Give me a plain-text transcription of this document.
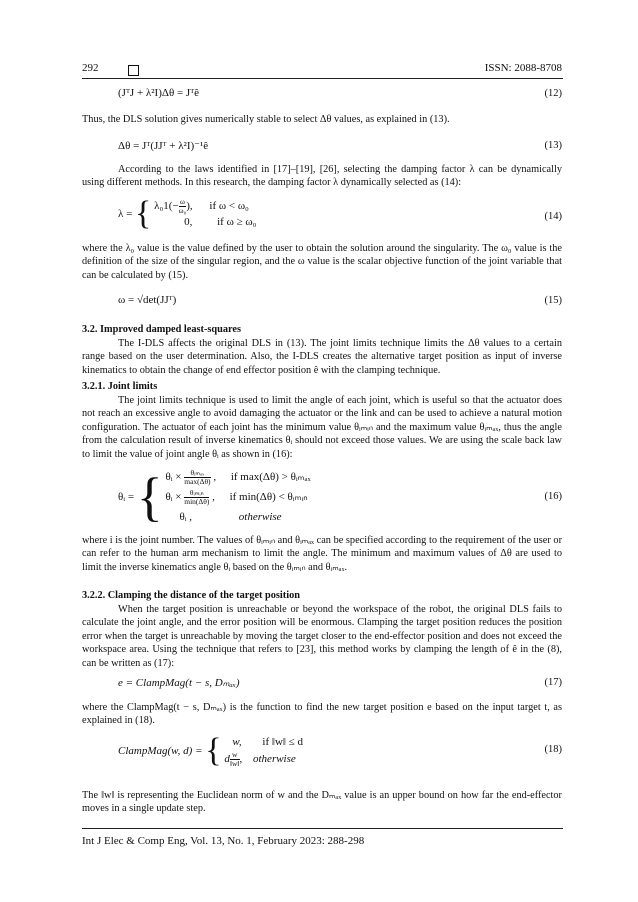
292	ISSN: 2088-8708
(JᵀJ + λ²I)Δθ = Jᵀê	(12)

Thus, the DLS solution gives numerically stable to select Δθ values, as explained in (13).

Δθ = Jᵀ(JJᵀ + λ²I)⁻¹ê	(13)

According to the laws identified in [17]–[19], [26], selecting the damping factor λ can be dynamically using different methods. In this research, the damping factor λ dynamically selected as (14):

λ = { $\lambda_01(- \frac{\omega}{\text{ω₀}}$ ), if ω < ω₀
0, if ω ≥ ω₀	(14)

where the λ₀ value is the value defined by the user to obtain the solution around the singularity. The ω₀ value is the definition of the size of the singular region, and the ω value is the scalar objective function of the joint variable that can be calculated by (15).

ω = √det(JJᵀ)	(15)
3.2. Improved damped least-squares

The I-DLS affects the original DLS in (13). The joint limits technique limits the Δθ values to a certain range based on the user determination. Also, the I-DLS creates the alternative target position as input of inverse kinematics to obtain the change of end effector position ê with the clamping technique.

3.2.1. Joint limits

The joint limits technique is used to limit the angle of each joint, which is useful so that the actuator does not reach an excessive angle to avoid damaging the actuator or the link and can be used to achieve a natural motion configuration. The actuator of each joint has the minimum value θᵢₘᵢₙ and the maximum value θᵢₘₐₓ, thus the angle from the calculation result of inverse kinematics θᵢ should not exceed those values. We are using the scale back law to limit the value of joint angle θᵢ as shown in (16):

θᵢ = { θᵢ × $\frac{\text{θᵢₘₐₓ}}{\max(\Delta\theta)}$ , if max(Δθ) > θᵢₘₐₓ
θᵢ × $\frac{\text{θᵢₘᵢₙ}}{\min(\Delta\theta)}$ , if min(Δθ) < θᵢₘᵢₙ
θᵢ ,	otherwise
(16)

where i is the joint number. The values of θᵢₘᵢₙ and θᵢₘₐₓ can be specified according to the requirement of the user or can refer to the human arm mechanism to limit the angle. The minimum and maximum values of Δθ are used to limit the inverse kinematics angle θᵢ based on the θᵢₘᵢₙ and θᵢₘₐₓ.

3.2.2. Clamping the distance of the target position

When the target position is unreachable or beyond the workspace of the robot, the original DLS fails to calculate the joint angle, and the error position will be enormous. Clamping the target position reduces the position error when the target is unreachable by moving the target closer to the end-effector position and does not exceed the workspace area. Using the technique that refers to [23], this method works by clamping the length of ê in the (8), can be written as (17):

e = ClampMag(t − s, Dₘₐₓ)	(17)

where the ClampMag(t − s, Dₘₐₓ) is the function to find the new target position e based on the input target t, as explained in (18).

ClampMag(w, d) = { w, if ‖w‖ ≤ d
d $\frac{w}{‖w‖}$ , otherwise
(18)

The ‖w‖ is representing the Euclidean norm of w and the Dₘₐₓ value is an upper bound on how far the end-effector moves in a single update step.

Int J Elec & Comp Eng, Vol. 13, No. 1, February 2023: 288-298
